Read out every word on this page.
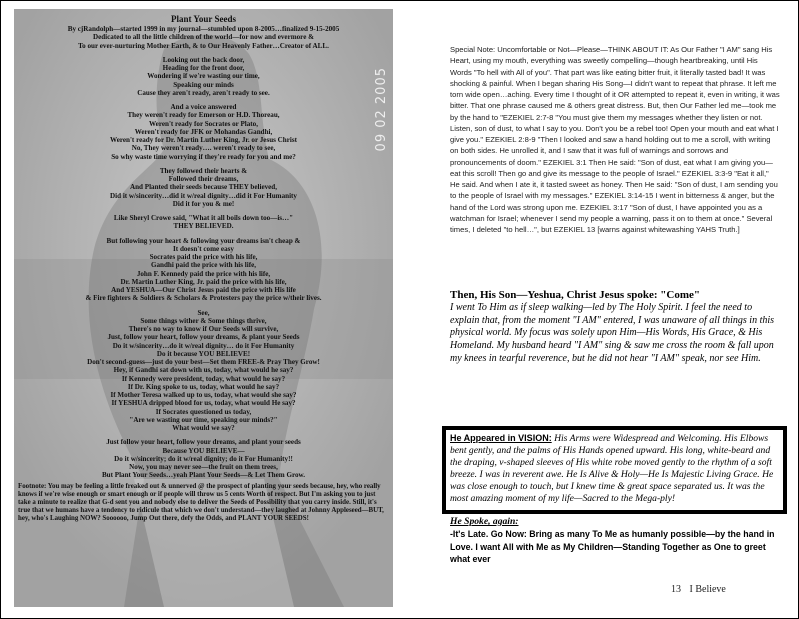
Plant Your Seeds
By cjRandolph—started 1999 in my journal—stumbled upon 8-2005…finalized 9-15-2005
Dedicated to all the little children of the world—for now and evermore &
To our ever-nurturing Mother Earth, & to Our Heavenly Father…Creator of ALL.
Looking out the back door,
Heading for the front door,
Wondering if we're wasting our time,
Speaking our minds
Cause they aren't ready, aren't ready to see.
And a voice answered
They weren't ready for Emerson or H.D. Thoreau,
Weren't ready for Socrates or Plato,
Weren't ready for JFK or Mohandas Gandhi,
Weren't ready for Dr. Martin Luther King, Jr. or Jesus Christ
No, They weren't ready…. weren't ready to see,
So why waste time worrying if they're ready for you and me?
They followed their hearts &
Followed their dreams,
And Planted their seeds because THEY believed,
Did it w/sincerity…did it w/real dignity…did it For Humanity
Did it for you & me!
Like Sheryl Crowe said, "What it all boils down too—is…"
THEY BELIEVED.
But following your heart & following your dreams isn't cheap &
It doesn't come easy
Socrates paid the price with his life,
Gandhi paid the price with his life,
John F. Kennedy paid the price with his life,
Dr. Martin Luther King, Jr. paid the price with his life,
And YESHUA—Our Christ Jesus paid the price with His life
& Fire fighters & Soldiers & Scholars & Protesters pay the price w/their lives.
See,
Some things wither & Some things thrive,
There's no way to know if Our Seeds will survive,
Just, follow your heart, follow your dreams, & plant your Seeds
Do it w/sincerity…do it w/real dignity… do it For Humanity
Do it because YOU BELIEVE!
Don't second-guess—just do your best—Set them FREE-& Pray They Grow!
Hey, if Gandhi sat down with us, today, what would he say?
If Kennedy were president, today, what would he say?
If Dr. King spoke to us, today, what would he say?
If Mother Teresa walked up to us, today, what would she say?
If YESHUA dripped blood for us, today, what would He say?
If Socrates questioned us today,
"Are we wasting our time, speaking our minds?"
What would we say?
Just follow your heart, follow your dreams, and plant your seeds
Because YOU BELIEVE—
Do it w/sincerity; do it w/real dignity; do it For Humanity!!
Now, you may never see—the fruit on them trees,
But Plant Your Seeds…yeah Plant Your Seeds—& Let Them Grow.
Footnote: You may be feeling a little freaked out & unnerved @ the prospect of planting your seeds because, hey, who really knows if we're wise enough or smart enough or if people will throw us 5 cents Worth of respect. But I'm asking you to just take a minute to realize that G-d sent you and nobody else to deliver the Seeds of Possibility that you carry inside. Still, it's true that we humans have a tendency to ridicule that which we don't understand—they laughed at Johnny Appleseed—BUT, hey, who's Laughing NOW? Soooooo, Jump Out there, defy the Odds, and PLANT YOUR SEEDS!
09 02 2005
Special Note: Uncomfortable or Not—Please—THINK ABOUT IT: As Our Father "I AM" sang His Heart, using my mouth, everything was sweetly compelling—though heartbreaking, until His Words "To hell with All of you". That part was like eating bitter fruit, it literally tasted bad! It was shocking & painful. When I began sharing His Song—I didn't want to repeat that phrase. It left me torn wide open…aching. Every time I thought of it OR attempted to repeat it, even in writing, it was bitter. That one phrase caused me & others great distress. But, then Our Father led me—took me by the hand to "EZEKIEL 2:7-8 "You must give them my messages whether they listen or not. Listen, son of dust, to what I say to you. Don't you be a rebel too! Open your mouth and eat what I give you." EZEKIEL 2:8-9 "Then I looked and saw a hand holding out to me a scroll, with writing on both sides. He unrolled it, and I saw that it was full of warnings and sorrows and pronouncements of doom." EZEKIEL 3:1 Then He said: "Son of dust, eat what I am giving you—eat this scroll! Then go and give its message to the people of Israel." EZEKIEL 3:3-9 "Eat it all," He said. And when I ate it, it tasted sweet as honey. Then He said: "Son of dust, I am sending you to the people of Israel with my messages." EZEKIEL 3:14-15 I went in bitterness & anger, but the hand of the Lord was strong upon me. EZEKIEL 3:17 "Son of dust, I have appointed you as a watchman for Israel; whenever I send my people a warning, pass it on to them at once." Several times, I deleted "to hell…", but EZEKIEL 13 [warns against whitewashing YAHS Truth.]
Then, His Son—Yeshua, Christ Jesus spoke: "Come"
I went To Him as if sleep walking—led by The Holy Spirit. I feel the need to explain that, from the moment "I AM" entered, I was unaware of all things in this physical world. My focus was solely upon Him—His Words, His Grace, & His Homeland. My husband heard "I AM" sing & saw me cross the room & fall upon my knees in tearful reverence, but he did not hear "I AM" speak, nor see Him.
He Appeared in VISION: His Arms were Widespread and Welcoming. His Elbows bent gently, and the palms of His Hands opened upward. His long, white-beard and the draping, v-shaped sleeves of His white robe moved gently to the rhythm of a soft breeze. I was in reverent awe. He Is Alive & Holy—He Is Majestic Living Grace. He was close enough to touch, but I knew time & great space separated us. It was the most amazing moment of my life—Sacred to the Mega-ply!
He Spoke, again:
-It's Late. Go Now: Bring as many To Me as humanly possible—by the hand in Love. I want All with Me as My Children—Standing Together as One to greet what ever
13 I Believe
